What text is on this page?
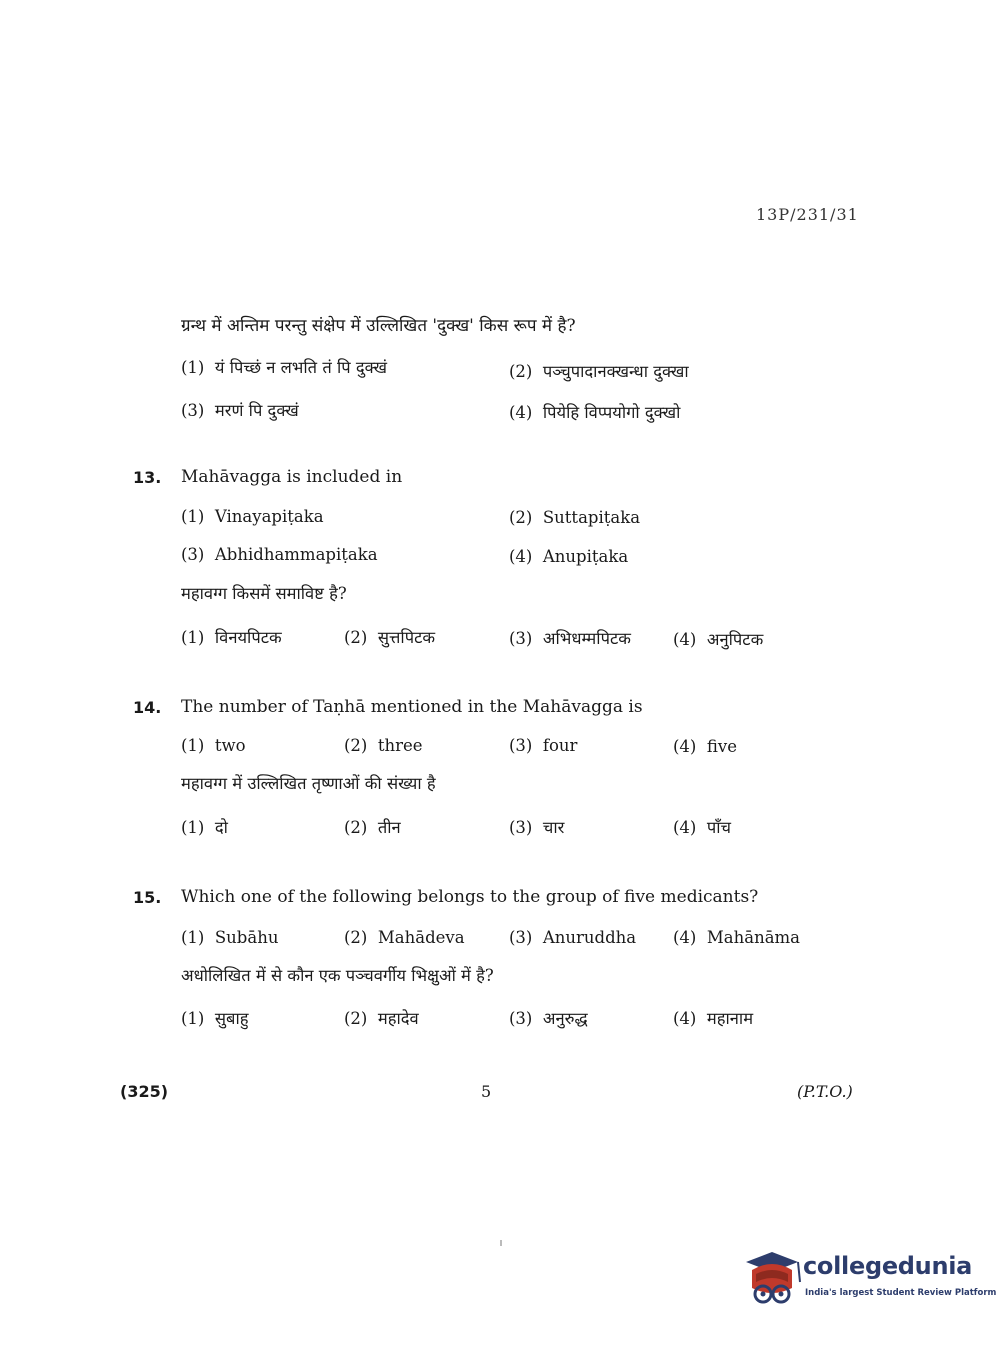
13P/231/31
ग्रन्थ में अन्तिम परन्तु संक्षेप में उल्लिखित 'दुक्ख' किस रूप में है?
(1) यं पिच्छं न लभति तं पि दुक्खं	(2) पञ्चुपादानक्खन्धा दुक्खा
(3) मरणं पि दुक्खं	(4) पियेहि विप्पयोगो दुक्खो
13. Mahāvagga is included in
(1) Vinayapiṭaka	(2) Suttapiṭaka
(3) Abhidhammapiṭaka	(4) Anupiṭaka
महावग्ग किसमें समाविष्ट है?
(1) विनयपिटक	(2) सुत्तपिटक	(3) अभिधम्मपिटक	(4) अनुपिटक
14. The number of Taṇhā mentioned in the Mahāvagga is
(1) two	(2) three	(3) four	(4) five
महावग्ग में उल्लिखित तृष्णाओं की संख्या है
(1) दो	(2) तीन	(3) चार	(4) पाँच
15. Which one of the following belongs to the group of five medicants?
(1) Subāhu	(2) Mahādeva	(3) Anuruddha (4) Mahānāma
अधोलिखित में से कौन एक पञ्चवर्गीय भिक्षुओं में है?
(1) सुबाहु	(2) महादेव	(3) अनुरुद्ध	(4) महानाम
(325)	5	(P.T.O.)
collegedunia
India's largest Student Review Platform
